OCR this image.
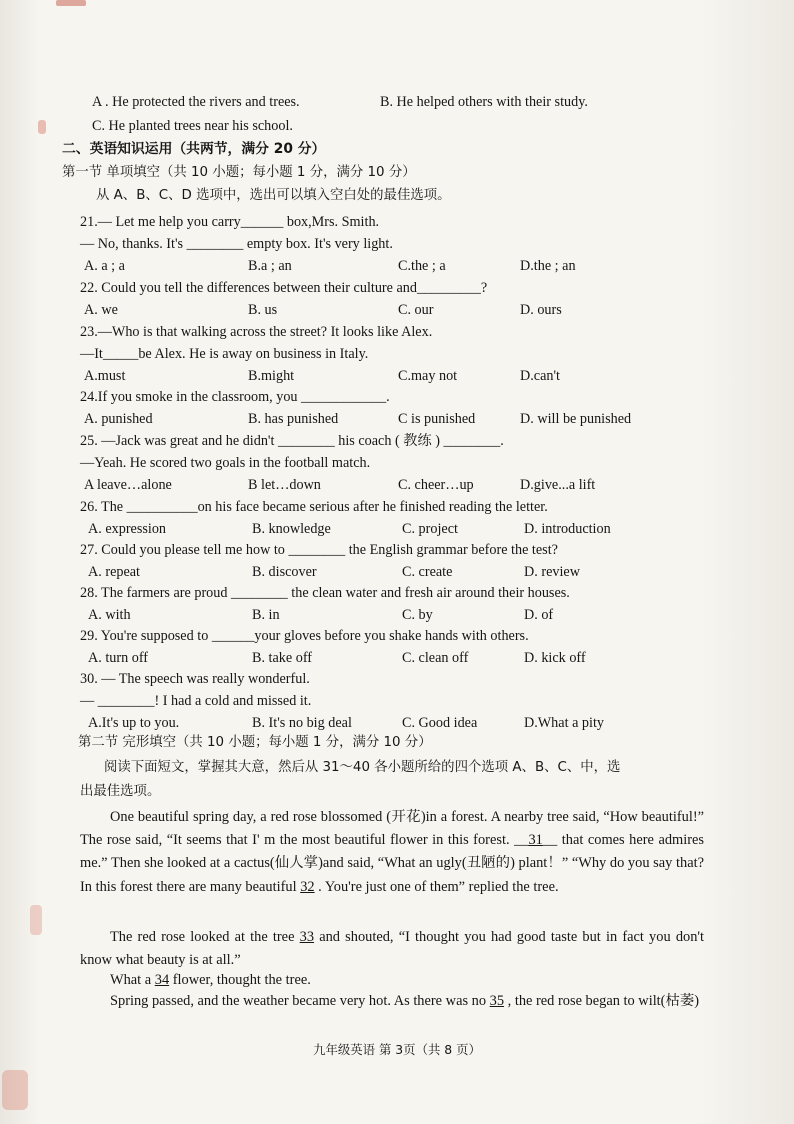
A . He protected the rivers and trees.	B. He helped others with their study.
C. He planted trees near his school.
二、英语知识运用（共两节，满分 20 分）
第一节 单项填空（共 10 小题；每小题 1 分，满分 10 分）
从 A、B、C、D 选项中，选出可以填入空白处的最佳选项。
21.— Let me help you carry______ box,Mrs. Smith.
— No, thanks. It's ________ empty box. It's very light.
A. a ; a	B.a ; an	C.the ; a	D.the ; an
22. Could you tell the differences between their culture and_________?
A. we	B. us	C. our	D. ours
23.—Who is that walking across the street? It looks like Alex.
—It_____be Alex. He is away on business in Italy.
A.must	B.might	C.may not	D.can't
24.If you smoke in the classroom, you ____________.
A. punished	B. has punished	C is punished	D. will be punished
25. —Jack was great and he didn't ________ his coach ( 教练 ) ________.
—Yeah. He scored two goals in the football match.
A leave…alone	B let…down	C. cheer…up	D.give...a lift
26. The __________on his face became serious after he finished reading the letter.
A. expression	B. knowledge	C. project	D. introduction
27. Could you please tell me how to ________ the English grammar before the test?
A. repeat	B. discover	C. create	D. review
28. The farmers are proud ________ the clean water and fresh air around their houses.
A. with	B. in	C. by	D. of
29. You're supposed to ______your gloves before you shake hands with others.
A. turn off	B. take off	C. clean off	D. kick off
30. — The speech was really wonderful.
— ________! I had a cold and missed it.
A.It's up to you.	B. It's no big deal	C. Good idea	D.What a pity
第二节 完形填空（共 10 小题；每小题 1 分，满分 10 分）
阅读下面短文，掌握其大意，然后从 31～40 各小题所给的四个选项 A、B、C、中，选
出最佳选项。
One beautiful spring day, a red rose blossomed (开花)in a forest. A nearby tree said, “How beautiful!” The rose said, “It seems that I' m the most beautiful flower in this forest. __31__ that comes here admires me.” Then she looked at a cactus(仙人掌)and said, “What an ugly(丑陋的) plant！” “Why do you say that? In this forest there are many beautiful 32 . You're just one of them” replied the tree.
The red rose looked at the tree 33 and shouted, “I thought you had good taste but in fact you don't know what beauty is at all.”
What a 34 flower, thought the tree.
Spring passed, and the weather became very hot. As there was no 35 , the red rose began to wilt(枯萎)
九年级英语 第 3页（共 8 页）
